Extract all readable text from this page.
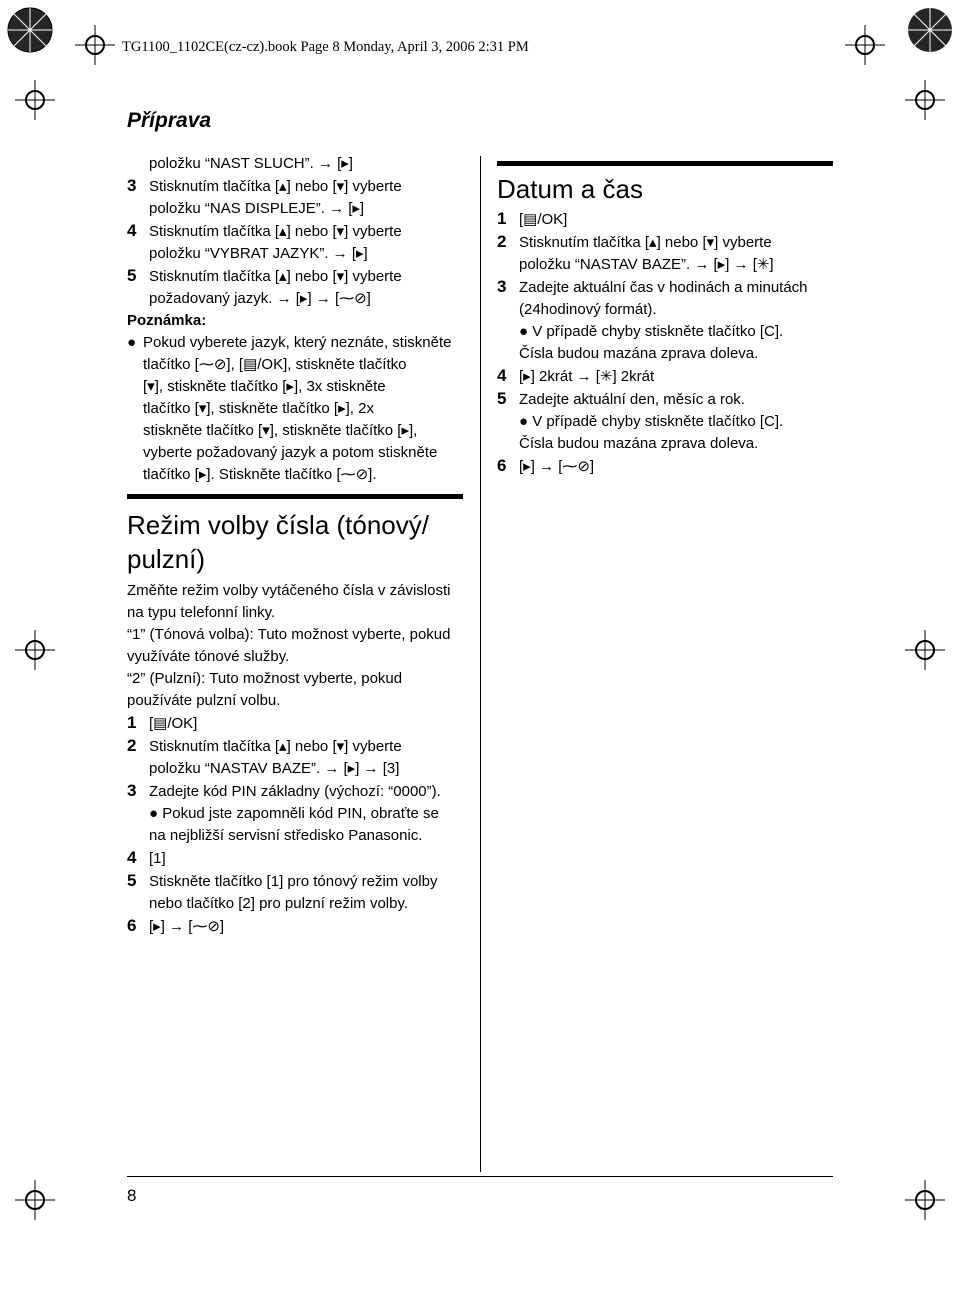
TG1100_1102CE(cz-cz).book Page 8 Monday, April 3, 2006 2:31 PM
Příprava
položku “NAST SLUCH”. → [▸]
3 Stisknutím tlačítka [▴] nebo [▾] vyberte
položku “NAS DISPLEJE”. → [▸]
4 Stisknutím tlačítka [▴] nebo [▾] vyberte
položku “VYBRAT JAZYK”. → [▸]
5 Stisknutím tlačítka [▴] nebo [▾] vyberte
požadovaný jazyk. → [▸] → [⁓⊘]
Poznámka:
● Pokud vyberete jazyk, který neznáte, stiskněte
tlačítko [⁓⊘], [▤/OK], stiskněte tlačítko
[▾], stiskněte tlačítko [▸], 3x stiskněte
tlačítko [▾], stiskněte tlačítko [▸], 2x
stiskněte tlačítko [▾], stiskněte tlačítko [▸],
vyberte požadovaný jazyk a potom stiskněte
tlačítko [▸]. Stiskněte tlačítko [⁓⊘].
Režim volby čísla (tónový/
pulzní)
Změňte režim volby vytáčeného čísla v závislosti
na typu telefonní linky.
“1” (Tónová volba): Tuto možnost vyberte, pokud
využíváte tónové služby.
“2” (Pulzní): Tuto možnost vyberte, pokud
používáte pulzní volbu.
1 [▤/OK]
2 Stisknutím tlačítka [▴] nebo [▾] vyberte
položku “NASTAV BAZE”. → [▸] → [3]
3 Zadejte kód PIN základny (výchozí: “0000”).
● Pokud jste zapomněli kód PIN, obraťte se
na nejbližší servisní středisko Panasonic.
4 [1]
5 Stiskněte tlačítko [1] pro tónový režim volby
nebo tlačítko [2] pro pulzní režim volby.
6 [▸] → [⁓⊘]
Datum a čas
1 [▤/OK]
2 Stisknutím tlačítka [▴] nebo [▾] vyberte
položku “NASTAV BAZE”. → [▸] → [✳]
3 Zadejte aktuální čas v hodinách a minutách
(24hodinový formát).
● V případě chyby stiskněte tlačítko [C].
Čísla budou mazána zprava doleva.
4 [▸] 2krát → [✳] 2krát
5 Zadejte aktuální den, měsíc a rok.
● V případě chyby stiskněte tlačítko [C].
Čísla budou mazána zprava doleva.
6 [▸] → [⁓⊘]
8
